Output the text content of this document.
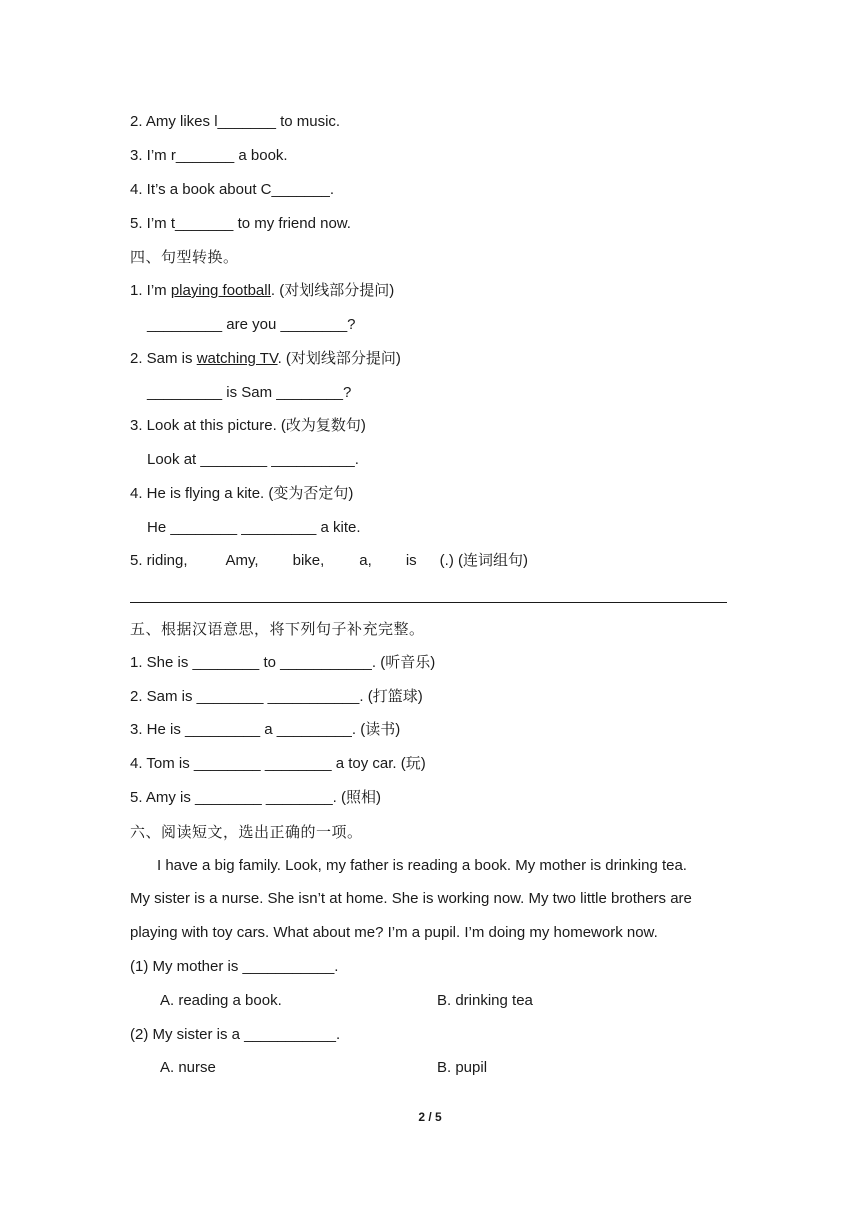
2. Amy likes l_______ to music.
3. I’m r_______ a book.
4. It’s a book about C_______.
5. I’m t_______ to my friend now.
四、句型转换。
1. I’m playing football. (对划线部分提问)
_________ are you ________?
2. Sam is watching TV. (对划线部分提问)
_________ is Sam ________?
3. Look at this picture. (改为复数句)
Look at ________ __________.
4. He is flying a kite. (变为否定句)
He ________ _________ a kite.
5. riding,	Amy, bike, a, is (.) (连词组句)
五、根据汉语意思，将下列句子补充完整。
1. She is ________ to ___________. (听音乐)
2. Sam is ________ ___________. (打篮球)
3. He is _________ a _________. (读书)
4. Tom is ________ ________ a toy car. (玩)
5. Amy is ________ ________. (照相)
六、阅读短文，选出正确的一项。
I have a big family. Look, my father is reading a book. My mother is drinking tea.
My sister is a nurse. She isn’t at home. She is working now. My two little brothers are
playing with toy cars. What about me? I’m a pupil. I’m doing my homework now.
(1) My mother is ___________.
A. reading a book.	B. drinking tea
(2) My sister is a ___________.
A. nurse	B. pupil
2 / 5
